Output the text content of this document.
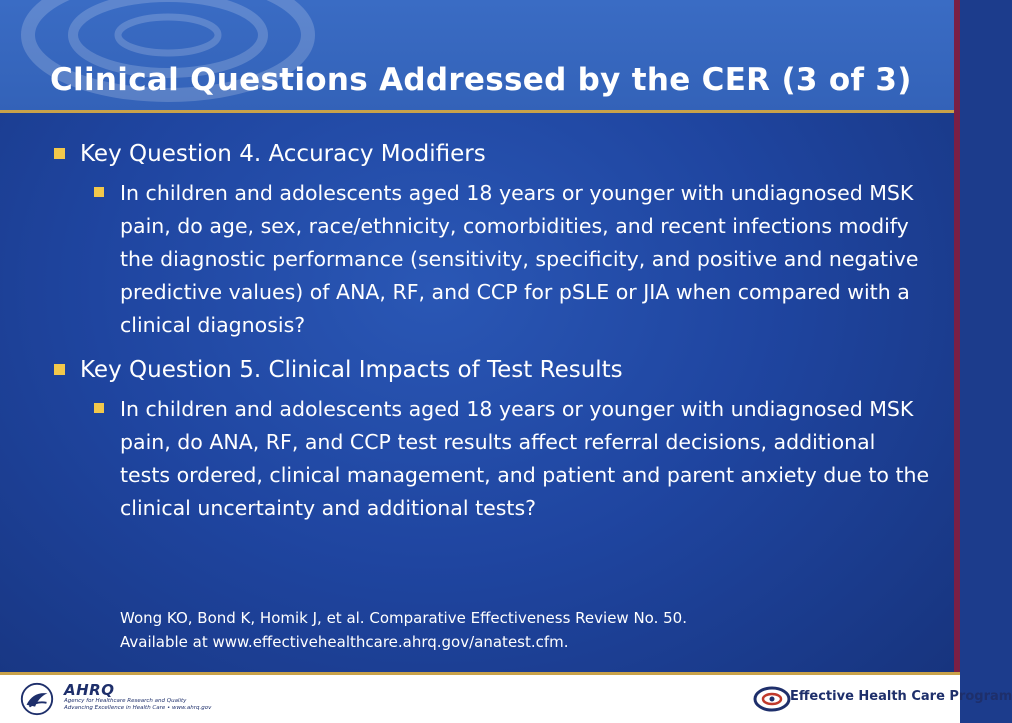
Clinical Questions Addressed by the CER (3 of 3)
Key Question 4. Accuracy Modifiers
In children and adolescents aged 18 years or younger with undiagnosed MSK pain, do age, sex, race/ethnicity, comorbidities, and recent infections modify the diagnostic performance (sensitivity, specificity, and positive and negative predictive values) of ANA, RF, and CCP for pSLE or JIA when compared with a clinical diagnosis?
Key Question 5. Clinical Impacts of Test Results
In children and adolescents aged 18 years or younger with undiagnosed MSK pain, do ANA, RF, and CCP test results affect referral decisions, additional tests ordered, clinical management, and patient and parent anxiety due to the clinical uncertainty and additional tests?
Wong KO, Bond K, Homik J, et al. Comparative Effectiveness Review No. 50.
Available at www.effectivehealthcare.ahrq.gov/anatest.cfm.
AHRQ
Agency for Healthcare Research and Quality
Advancing Excellence in Health Care • www.ahrq.gov
Effective Health Care Program
